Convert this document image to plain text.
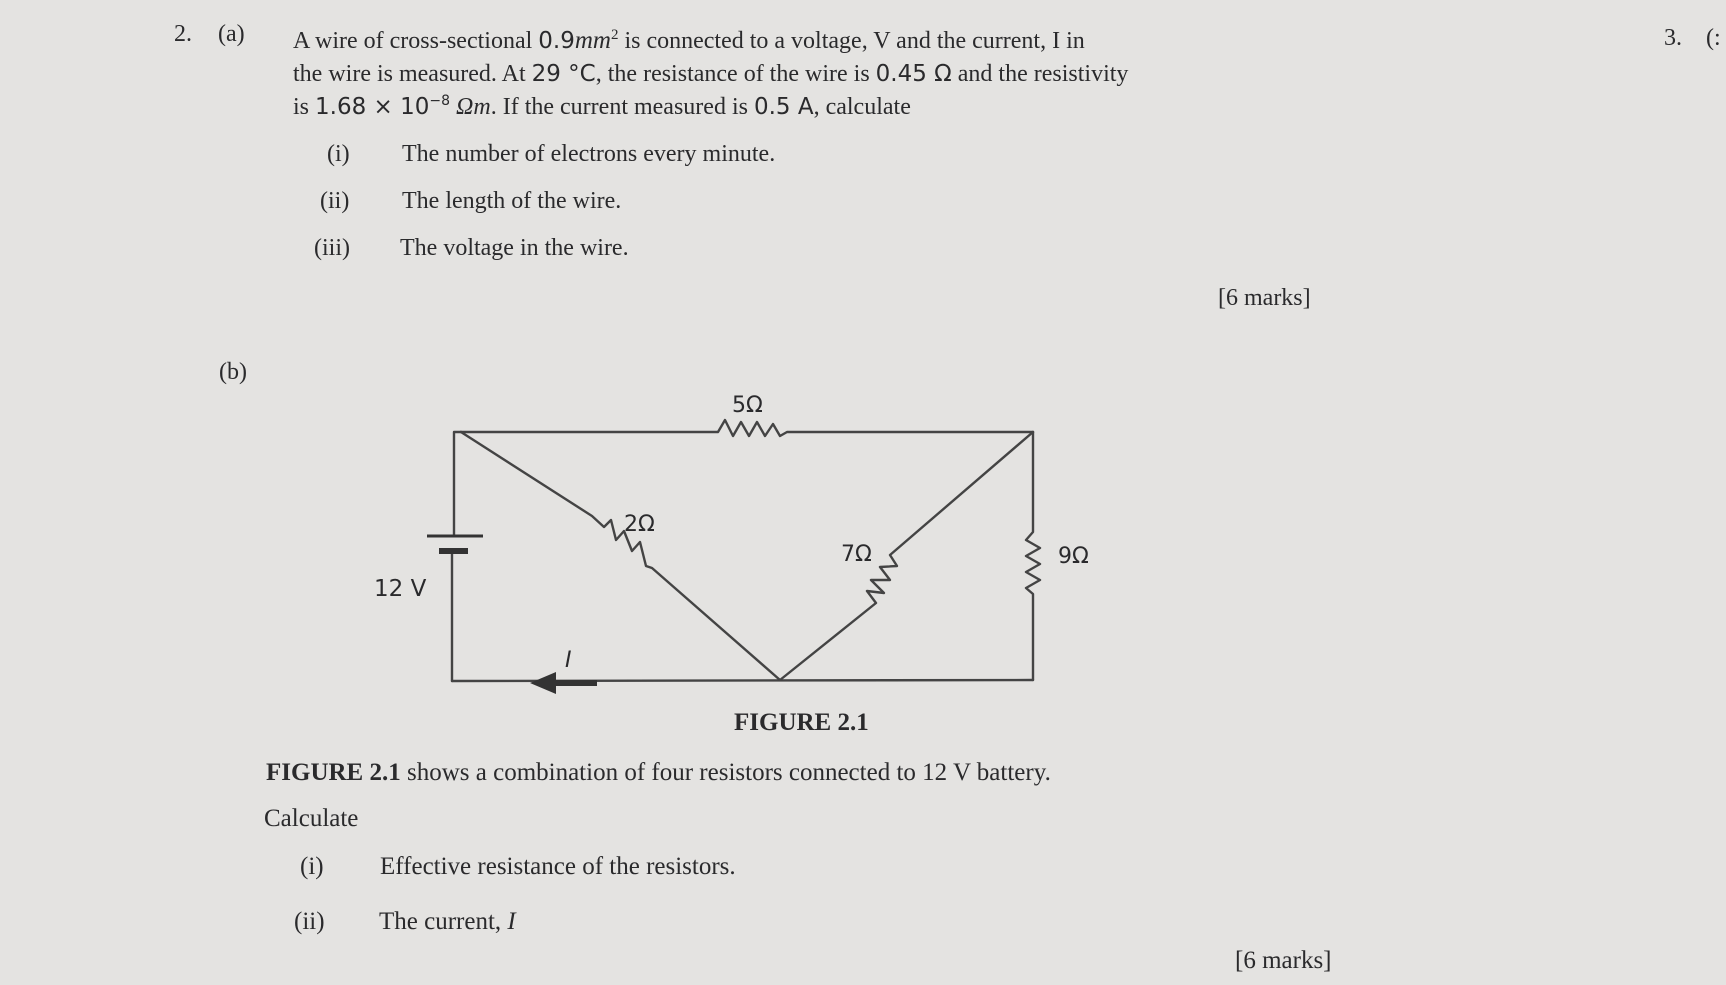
2. (a) A wire of cross-sectional $0.9mm^2$ is connected to a voltage, V and the current, I in
the wire is measured. At 29 °C, the resistance of the wire is 0.45 Ω and the resistivity
is $1.68 \times 10^{-8}$ Ωm. If the current measured is 0.5 A, calculate
(i) The number of electrons every minute.
(ii) The length of the wire.
(iii) The voltage in the wire.
[6 marks]
3. (:
(b)
5Ω
2Ω
7Ω	9Ω
12 V
I
FIGURE 2.1
FIGURE 2.1 shows a combination of four resistors connected to 12 V battery.
Calculate
(i) Effective resistance of the resistors.
(ii) The current, I
[6 marks]
